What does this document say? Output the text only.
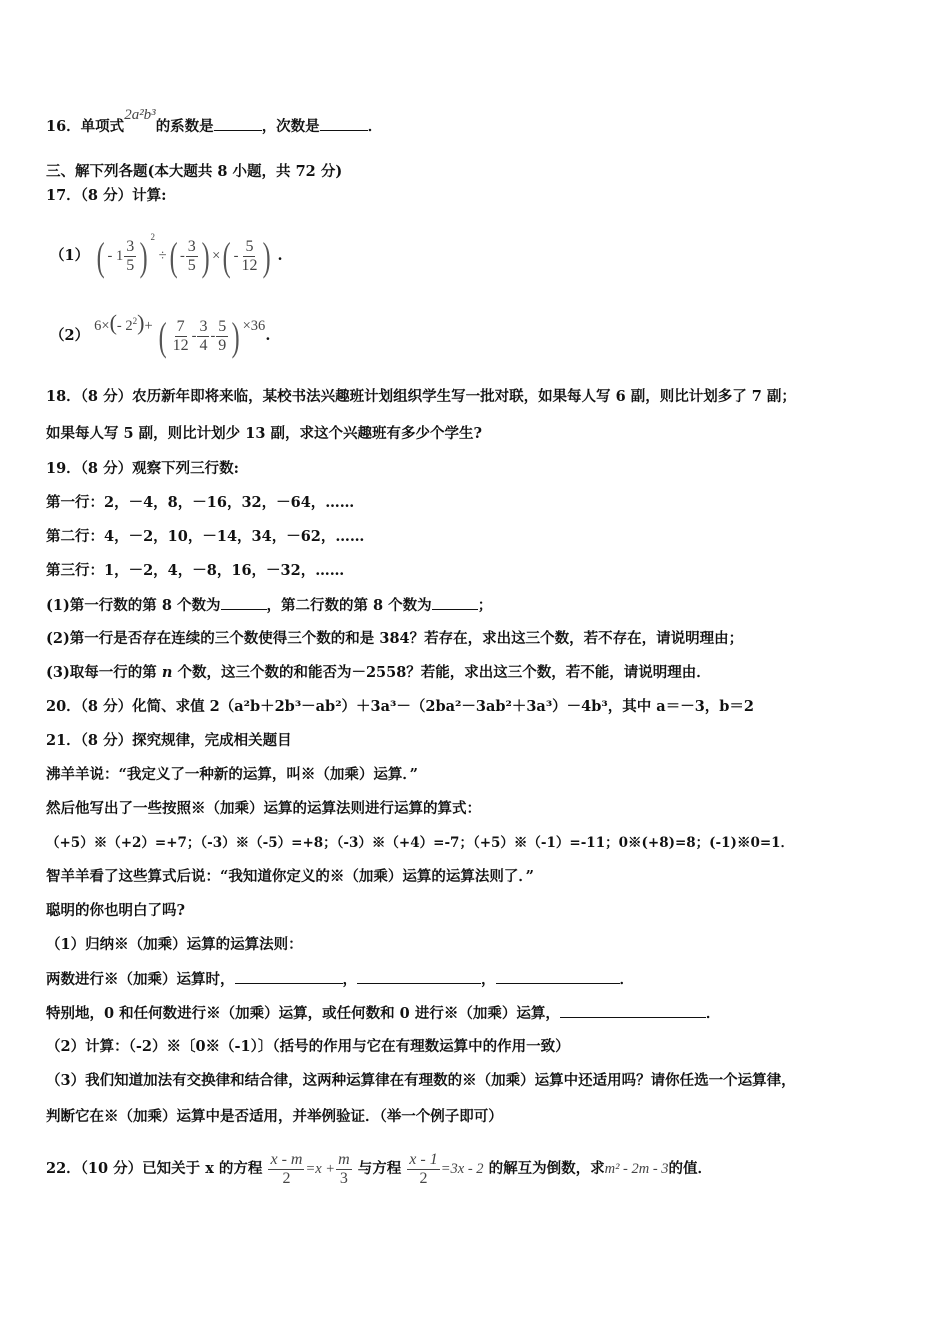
16．单项式2a²b³的系数是	，次数是	．
三、解下列各题(本大题共 8 小题，共 72 分)
17．（8 分）计算:
（1） ( - $1 \frac{3}{5}$ ) $^2$ ÷( - $\frac{3}{5}$ ) ×( - $\frac{5}{12}$ ) .
（2） 6×(- $2^2)+$ ( $\frac{7}{12} - \frac{3}{4} - \frac{5}{9}$ ) ×36.
18．（8 分）农历新年即将来临，某校书法兴趣班计划组织学生写一批对联，如果每人写 6 副，则比计划多了 7 副；
如果每人写 5 副，则比计划少 13 副，求这个兴趣班有多少个学生?
19．（8 分）观察下列三行数:
第一行：2，－4，8，－16，32，－64，……
第二行：4，－2，10，－14，34，－62，……
第三行：1，－2，4，－8，16，－32，……
(1)第一行数的第 8 个数为	，第二行数的第 8 个数为	；
(2)第一行是否存在连续的三个数使得三个数的和是 384？若存在，求出这三个数，若不存在，请说明理由；
(3)取每一行的第 n 个数，这三个数的和能否为－2558？若能，求出这三个数，若不能，请说明理由．
20．（8 分）化简、求值 2（a²b＋2b³－ab²）＋3a³－（2ba²－3ab²＋3a³）－4b³，其中 a＝－3，b＝2
21．（8 分）探究规律，完成相关题目
沸羊羊说：“我定义了一种新的运算，叫※（加乘）运算．”
然后他写出了一些按照※（加乘）运算的运算法则进行运算的算式：
（+5）※（+2）=+7；（-3）※（-5）=+8；（-3）※（+4）=-7；（+5）※（-1）=-11；0※(+8)=8；(-1)※0=1．
智羊羊看了这些算式后说：“我知道你定义的※（加乘）运算的运算法则了．”
聪明的你也明白了吗?
（1）归纳※（加乘）运算的运算法则：
两数进行※（加乘）运算时，	，	，	．
特别地，0 和任何数进行※（加乘）运算，或任何数和 0 进行※（加乘）运算，	．
（2）计算：（-2）※〔0※（-1）〕（括号的作用与它在有理数运算中的作用一致）
（3）我们知道加法有交换律和结合律，这两种运算律在有理数的※（加乘）运算中还适用吗？请你任选一个运算律，
判断它在※（加乘）运算中是否适用，并举例验证．（举一个例子即可）
22．（10 分）已知关于 x 的方程 $\frac{x - m}{2} =x + \frac{m}{3}$ 与方程 $\frac{x - 1}{2} =3x - 2$ 的解互为倒数，求m² - 2m - 3的值．
